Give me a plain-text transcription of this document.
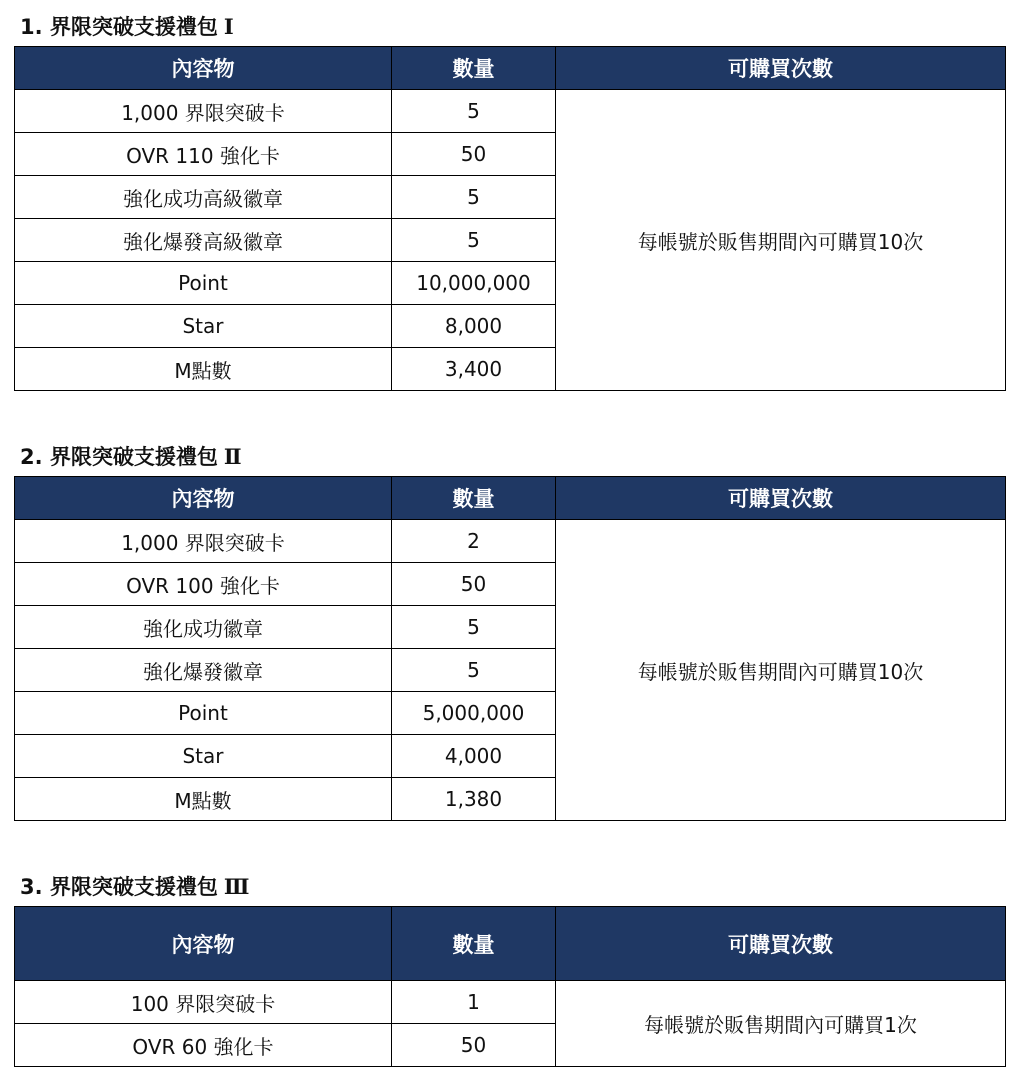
1. 界限突破支援禮包 Ⅰ
內容物	數量	可購買次數
1,000 界限突破卡	5	每帳號於販售期間內可購買10次
OVR 110 強化卡	50	
強化成功高級徽章	5	
強化爆發高級徽章	5	
Point	10,000,000	
Star	8,000	
M點數	3,400	
2. 界限突破支援禮包 Ⅱ
內容物	數量	可購買次數
1,000 界限突破卡	2	每帳號於販售期間內可購買10次
OVR 100 強化卡	50	
強化成功徽章	5	
強化爆發徽章	5	
Point	5,000,000	
Star	4,000	
M點數	1,380	
3. 界限突破支援禮包 Ⅲ
內容物	數量	可購買次數
100 界限突破卡	1	每帳號於販售期間內可購買1次
OVR 60 強化卡	50	
